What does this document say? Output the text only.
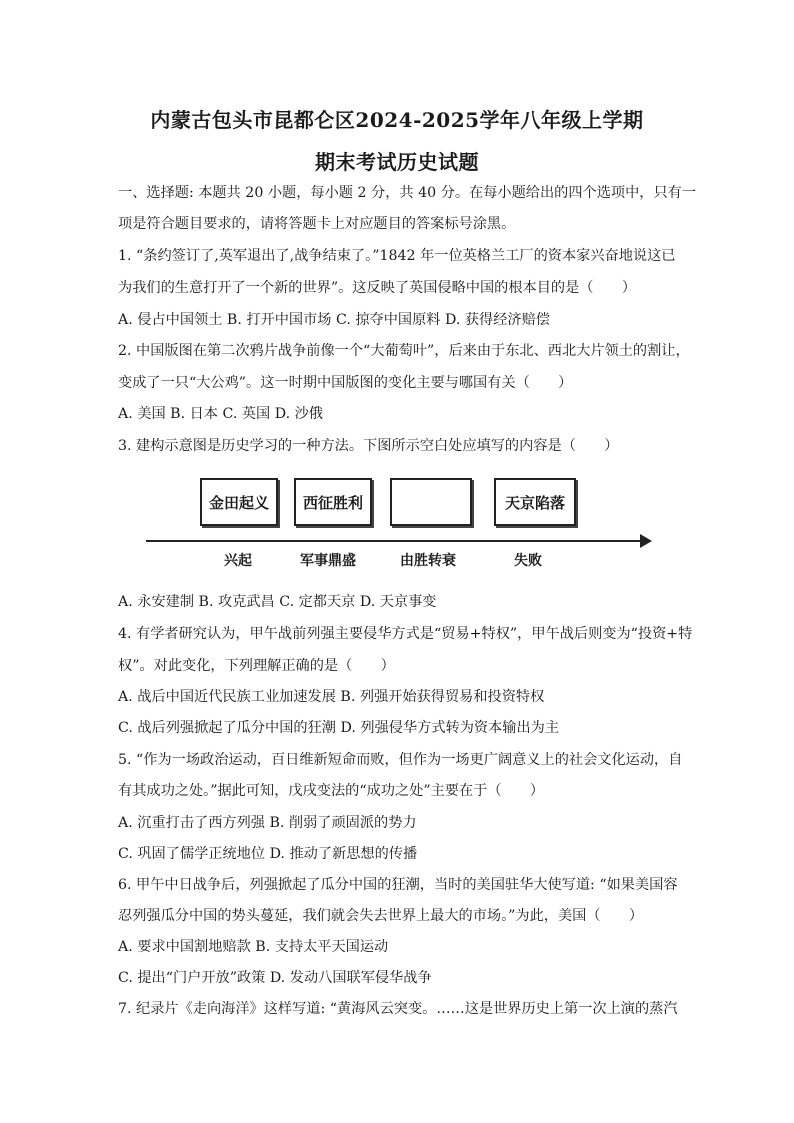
内蒙古包头市昆都仑区2024-2025学年八年级上学期
期末考试历史试题
一、选择题: 本题共 20 小题，每小题 2 分，共 40 分。在每小题给出的四个选项中，只有一
项是符合题目要求的，请将答题卡上对应题目的答案标号涂黑。
1. “条约签订了,英军退出了,战争结束了。”1842 年一位英格兰工厂的资本家兴奋地说这已
为我们的生意打开了一个新的世界”。这反映了英国侵略中国的根本目的是（　　）
A. 侵占中国领土 B. 打开中国市场 C. 掠夺中国原料 D. 获得经济赔偿
2. 中国版图在第二次鸦片战争前像一个“大葡萄叶”，后来由于东北、西北大片领土的割让，
变成了一只“大公鸡”。这一时期中国版图的变化主要与哪国有关（　　）
A. 美国 B. 日本 C. 英国 D. 沙俄
3. 建构示意图是历史学习的一种方法。下图所示空白处应填写的内容是（　　）
金田起义	西征胜利	天京陷落
兴起	军事鼎盛	由胜转衰	失败
A. 永安建制 B. 攻克武昌 C. 定都天京 D. 天京事变
4. 有学者研究认为，甲午战前列强主要侵华方式是“贸易+特权”，甲午战后则变为“投资+特
权”。对此变化，下列理解正确的是（　　）
A. 战后中国近代民族工业加速发展 B. 列强开始获得贸易和投资特权
C. 战后列强掀起了瓜分中国的狂潮 D. 列强侵华方式转为资本输出为主
5. “作为一场政治运动，百日维新短命而败，但作为一场更广阔意义上的社会文化运动，自
有其成功之处。”据此可知，戊戌变法的“成功之处”主要在于（　　）
A. 沉重打击了西方列强 B. 削弱了顽固派的势力
C. 巩固了儒学正统地位 D. 推动了新思想的传播
6. 甲午中日战争后，列强掀起了瓜分中国的狂潮，当时的美国驻华大使写道: “如果美国容
忍列强瓜分中国的势头蔓延，我们就会失去世界上最大的市场。”为此，美国（　　）
A. 要求中国割地赔款 B. 支持太平天国运动
C. 提出“门户开放”政策 D. 发动八国联军侵华战争
7. 纪录片《走向海洋》这样写道: “黄海风云突变。……这是世界历史上第一次上演的蒸汽
